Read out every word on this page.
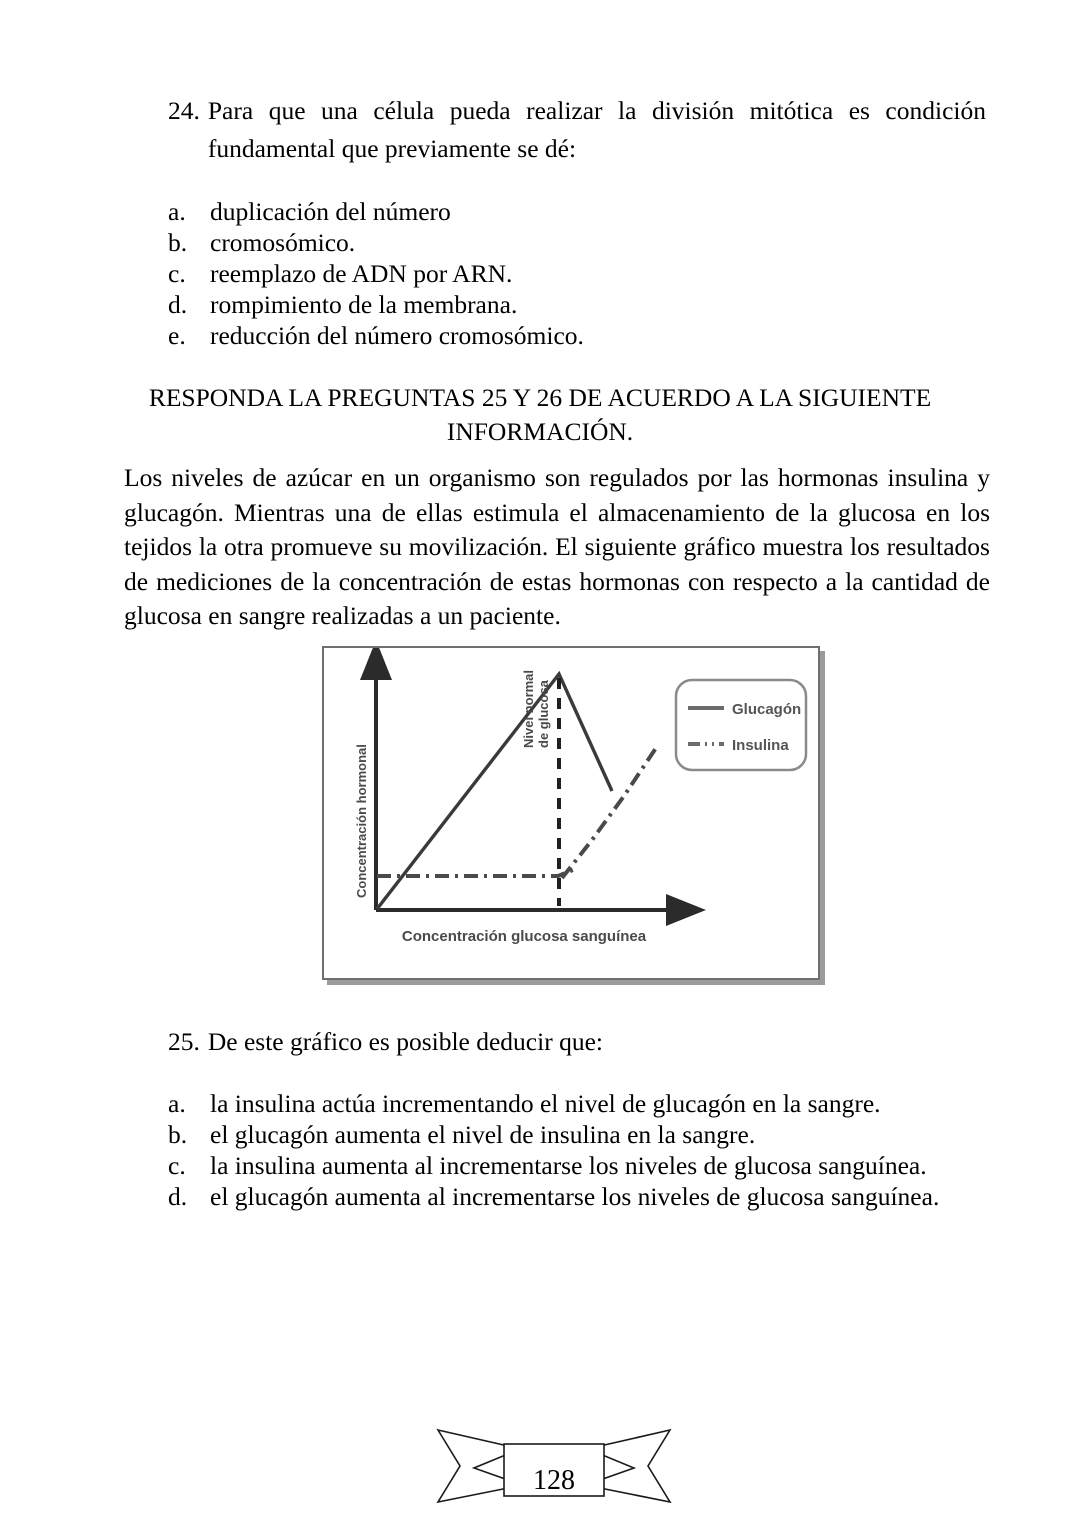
24. Para que una célula pueda realizar la división mitótica es condición fundamental que previamente se dé:
a. duplicación del número
b. cromosómico.
c. reemplazo de ADN por ARN.
d. rompimiento de la membrana.
e. reducción del número cromosómico.
RESPONDA LA PREGUNTAS 25 Y 26 DE ACUERDO A LA SIGUIENTE
INFORMACIÓN.
Los niveles de azúcar en un organismo son regulados por las hormonas insulina y glucagón. Mientras una de ellas estimula el almacenamiento de la glucosa en los tejidos la otra promueve su movilización. El siguiente gráfico muestra los resultados de mediciones de la concentración de estas hormonas con respecto a la cantidad de glucosa en sangre realizadas a un paciente.
Nivel normal de glucosa
Concentración hormonal
Concentración glucosa sanguínea
Glucagón
Insulina
25. De este gráfico es posible deducir que:
a. la insulina actúa incrementando el nivel de glucagón en la sangre.
b. el glucagón aumenta el nivel de insulina en la sangre.
c. la insulina aumenta al incrementarse los niveles de glucosa sanguínea.
d. el glucagón aumenta al incrementarse los niveles de glucosa sanguínea.
128
